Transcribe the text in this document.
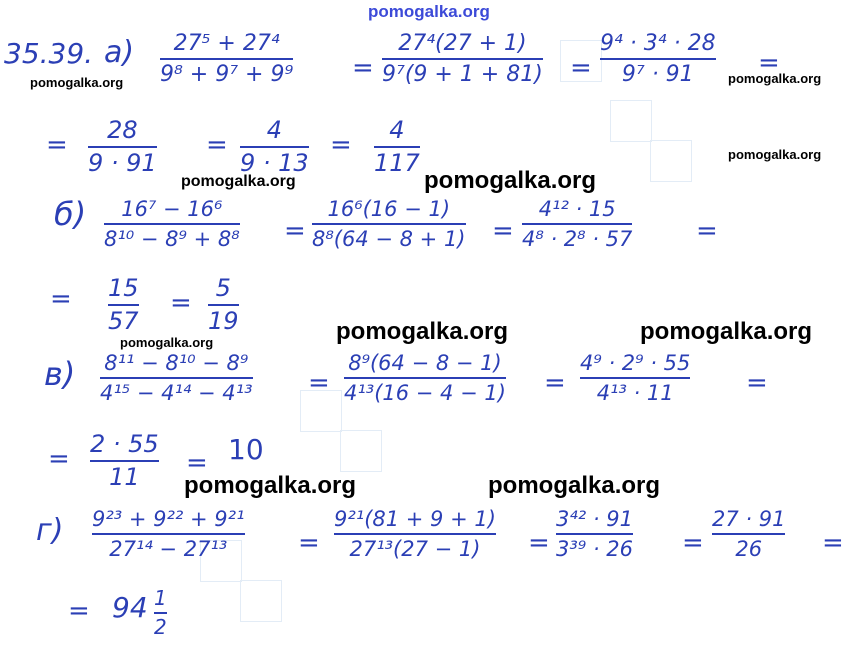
pomogalka.org
35.39. а) 27⁵ + 27⁴
9⁸ + 9⁷ + 9⁹ =
27⁴(27 + 1)
9⁷(9 + 1 + 81) =
9⁴ · 3⁴ · 28
9⁷ · 91 =
= 28
9 · 91
= 4
9 · 13
= 4
117
б) 16⁷ − 16⁶
8¹⁰ − 8⁹ + 8⁸ =
16⁶(16 − 1)
8⁸(64 − 8 + 1) =
4¹² · 15
4⁸ · 2⁸ · 57 =
= 15
57
= 5
19
в) 8¹¹ − 8¹⁰ − 8⁹
4¹⁵ − 4¹⁴ − 4¹³ =
8⁹(64 − 8 − 1)
4¹³(16 − 4 − 1) =
4⁹ · 2⁹ · 55
4¹³ · 11	=
= 2 · 55
11 = 10
г) 9²³ + 9²² + 9²¹
27¹⁴ − 27¹³	=
9²¹(81 + 9 + 1)
27¹³(27 − 1) =
3⁴² · 91
3³⁹ · 26 =
27 · 91
26 =
= 94 1
2
pomogalka.org	pomogalka.org
pomogalka.org
pomogalka.org	pomogalka.org
pomogalka.org	pomogalka.org	pomogalka.org
pomogalka.org	pomogalka.org
